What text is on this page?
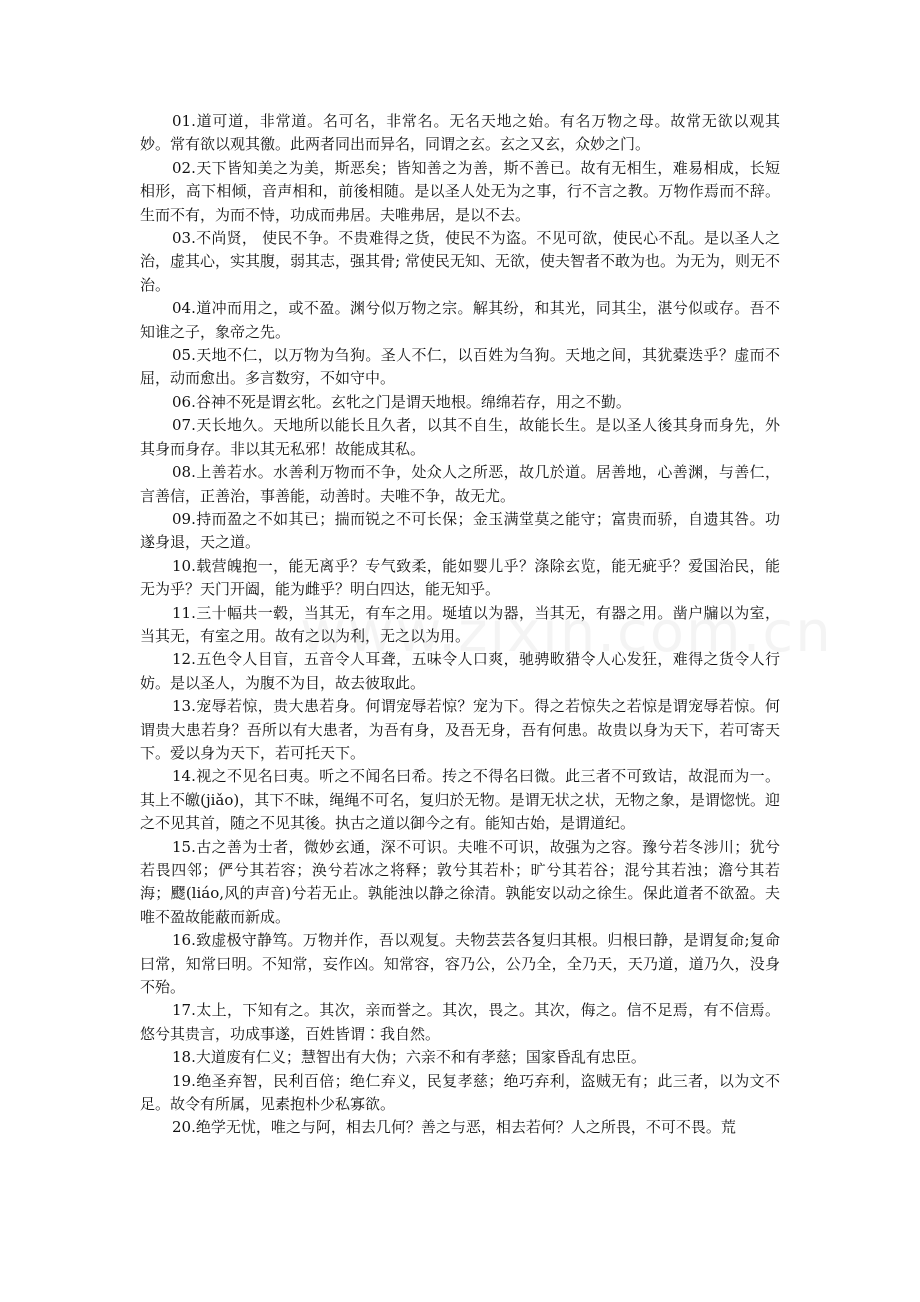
01.道可道，非常道。名可名，非常名。无名天地之始。有名万物之母。故常无欲以观其妙。常有欲以观其徼。此两者同出而异名，同谓之玄。玄之又玄，众妙之门。

02.天下皆知美之为美，斯恶矣；皆知善之为善，斯不善已。故有无相生，难易相成，长短相形，高下相倾，音声相和，前後相随。是以圣人处无为之事，行不言之教。万物作焉而不辞。生而不有，为而不恃，功成而弗居。夫唯弗居，是以不去。

03.不尚贤， 使民不争。不贵难得之货，使民不为盗。不见可欲，使民心不乱。是以圣人之治，虚其心，实其腹，弱其志，强其骨; 常使民无知、无欲，使夫智者不敢为也。为无为，则无不治。

04.道冲而用之，或不盈。渊兮似万物之宗。解其纷，和其光，同其尘，湛兮似或存。吾不知谁之子，象帝之先。

05.天地不仁，以万物为刍狗。圣人不仁，以百姓为刍狗。天地之间，其犹橐迭乎？虚而不屈，动而愈出。多言数穷，不如守中。

06.谷神不死是谓玄牝。玄牝之门是谓天地根。绵绵若存，用之不勤。

07.天长地久。天地所以能长且久者，以其不自生，故能长生。是以圣人後其身而身先，外其身而身存。非以其无私邪！故能成其私。

08.上善若水。水善利万物而不争，处众人之所恶，故几於道。居善地，心善渊，与善仁，言善信，正善治，事善能，动善时。夫唯不争，故无尤。

09.持而盈之不如其已；揣而锐之不可长保；金玉满堂莫之能守；富贵而骄，自遗其咎。功遂身退，天之道。

10.载营魄抱一，能无离乎？专气致柔，能如婴儿乎？涤除玄览，能无疵乎？爱国治民，能无为乎？天门开阖，能为雌乎？明白四达，能无知乎。

11.三十幅共一毂，当其无，有车之用。埏埴以为器，当其无，有器之用。凿户牖以为室，当其无，有室之用。故有之以为利，无之以为用。

12.五色令人目盲，五音令人耳聋，五味令人口爽，驰骋畋猎令人心发狂，难得之货令人行妨。是以圣人，为腹不为目，故去彼取此。

13.宠辱若惊，贵大患若身。何谓宠辱若惊？宠为下。得之若惊失之若惊是谓宠辱若惊。何谓贵大患若身？吾所以有大患者，为吾有身，及吾无身，吾有何患。故贵以身为天下，若可寄天下。爱以身为天下，若可托天下。

14.视之不见名曰夷。听之不闻名曰希。抟之不得名曰微。此三者不可致诘，故混而为一。其上不皦(jiǎo)，其下不昧，绳绳不可名，复归於无物。是谓无状之状，无物之象，是谓惚恍。迎之不见其首，随之不见其後。执古之道以御今之有。能知古始，是谓道纪。

15.古之善为士者，微妙玄通，深不可识。夫唯不可识，故强为之容。豫兮若冬涉川；犹兮若畏四邻；俨兮其若容；涣兮若冰之将释；敦兮其若朴；旷兮其若谷；混兮其若浊；澹兮其若海；飂(liáo,风的声音)兮若无止。孰能浊以静之徐清。孰能安以动之徐生。保此道者不欲盈。夫唯不盈故能蔽而新成。

16.致虚极守静笃。万物并作，吾以观复。夫物芸芸各复归其根。归根曰静，是谓复命;复命曰常，知常曰明。不知常，妄作凶。知常容，容乃公，公乃全，全乃天，天乃道，道乃久，没身不殆。

17.太上，下知有之。其次，亲而誉之。其次，畏之。其次，侮之。信不足焉，有不信焉。悠兮其贵言，功成事遂，百姓皆谓∶我自然。

18.大道废有仁义；慧智出有大伪；六亲不和有孝慈；国家昏乱有忠臣。

19.绝圣弃智，民利百倍；绝仁弃义，民复孝慈；绝巧弃利，盗贼无有；此三者，以为文不足。故令有所属，见素抱朴少私寡欲。

20.绝学无忧，唯之与阿，相去几何？善之与恶，相去若何？人之所畏，不可不畏。荒
